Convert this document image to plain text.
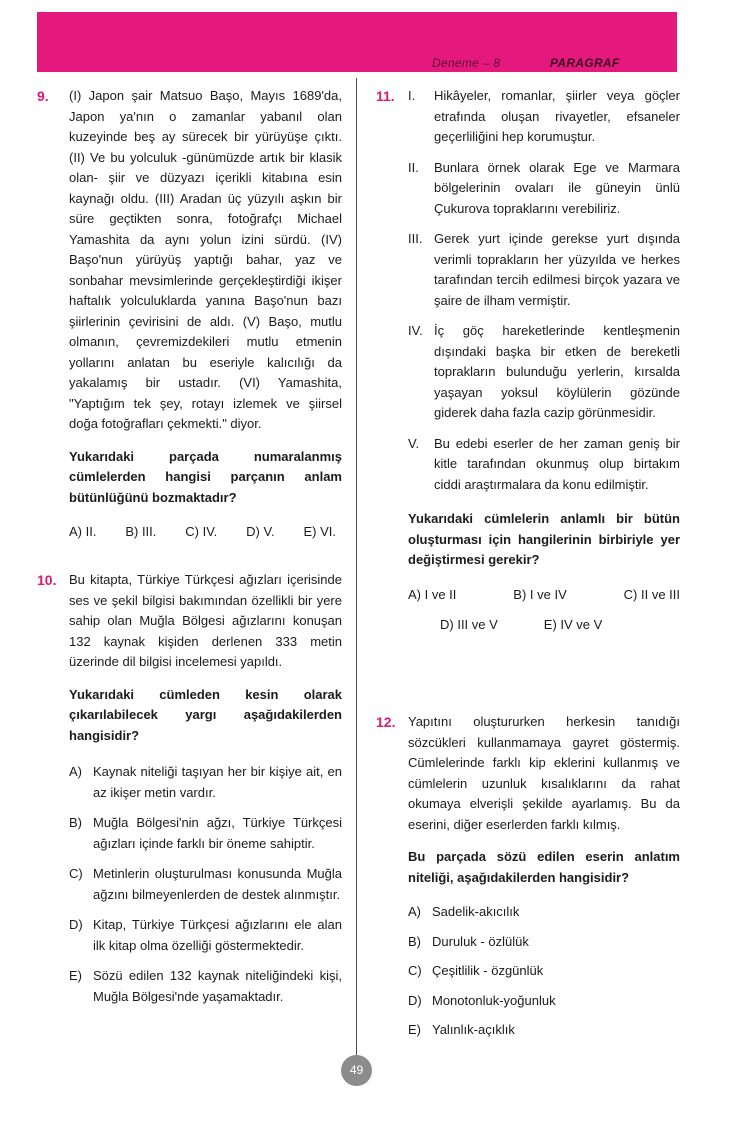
Deneme – 8	PARAGRAF
9. (I) Japon şair Matsuo Başo, Mayıs 1689'da, Japon ya'nın o zamanlar yabanıl olan kuzeyinde beş ay sürecek bir yürüyüşe çıktı. (II) Ve bu yolculuk -günümüzde artık bir klasik olan- şiir ve düzyazı içerikli kitabına esin kaynağı oldu. (III) Aradan üç yüzyılı aşkın bir süre geçtikten sonra, fotoğrafçı Michael Yamashita da aynı yolun izini sürdü. (IV) Başo'nun yürüyüş yaptığı bahar, yaz ve sonbahar mevsimlerinde gerçekleştirdiği ikişer haftalık yolculuklarda yanına Başo'nun bazı şiirlerinin çevirisini de aldı. (V) Başo, mutlu olmanın, çevremizdekileri mutlu etmenin yollarını anlatan bu eseriyle kalıcılığı da yakalamış bir ustadır. (VI) Yamashita, "Yaptığım tek şey, rotayı izlemek ve şiirsel doğa fotoğrafları çekmekti." diyor.
Yukarıdaki parçada numaralanmış cümlelerden hangisi parçanın anlam bütünlüğünü bozmaktadır?
A) II. B) III. C) IV. D) V. E) VI.
10. Bu kitapta, Türkiye Türkçesi ağızları içerisinde ses ve şekil bilgisi bakımından özellikli bir yere sahip olan Muğla Bölgesi ağızlarını konuşan 132 kaynak kişiden derlenen 333 metin üzerinde dil bilgisi incelemesi yapıldı.
Yukarıdaki cümleden kesin olarak çıkarılabilecek yargı aşağıdakilerden hangisidir?
A) Kaynak niteliği taşıyan her bir kişiye ait, en az ikişer metin vardır.
B) Muğla Bölgesi'nin ağzı, Türkiye Türkçesi ağızları içinde farklı bir öneme sahiptir.
C) Metinlerin oluşturulması konusunda Muğla ağzını bilmeyenlerden de destek alınmıştır.
D) Kitap, Türkiye Türkçesi ağızlarını ele alan ilk kitap olma özelliği göstermektedir.
E) Sözü edilen 132 kaynak niteliğindeki kişi, Muğla Bölgesi'nde yaşamaktadır.
11. I.	Hikâyeler, romanlar, şiirler veya göçler etrafında oluşan rivayetler, efsaneler geçerliliğini hep korumuştur.
II.	Bunlara örnek olarak Ege ve Marmara bölgelerinin ovaları ile güneyin ünlü Çukurova topraklarını verebiliriz.
III. Gerek yurt içinde gerekse yurt dışında verimli toprakların her yüzyılda ve herkes tarafından tercih edilmesi birçok yazara ve şaire de ilham vermiştir.
IV. İç göç hareketlerinde kentleşmenin dışındaki başka bir etken de bereketli toprakların bulunduğu yerlerin, kırsalda yaşayan yoksul köylülerin gözünde giderek daha fazla cazip görünmesidir.
V.	Bu edebi eserler de her zaman geniş bir kitle tarafından okunmuş olup birtakım ciddi araştırmalara da konu edilmiştir.
Yukarıdaki cümlelerin anlamlı bir bütün oluşturması için hangilerinin birbiriyle yer değiştirmesi gerekir?
A) I ve II	B) I ve IV	C) II ve III
D) III ve V	E) IV ve V
12. Yapıtını oluştururken herkesin tanıdığı sözcükleri kullanmamaya gayret göstermiş. Cümlelerinde farklı kip eklerini kullanmış ve cümlelerin uzunluk kısalıklarını da rahat okumaya elverişli şekilde ayarlamış. Bu da eserini, diğer eserlerden farklı kılmış.
Bu parçada sözü edilen eserin anlatım niteliği, aşağıdakilerden hangisidir?
A) Sadelik-akıcılık
B) Duruluk - özlülük
C) Çeşitlilik - özgünlük
D) Monotonluk-yoğunluk
E) Yalınlık-açıklık
49
